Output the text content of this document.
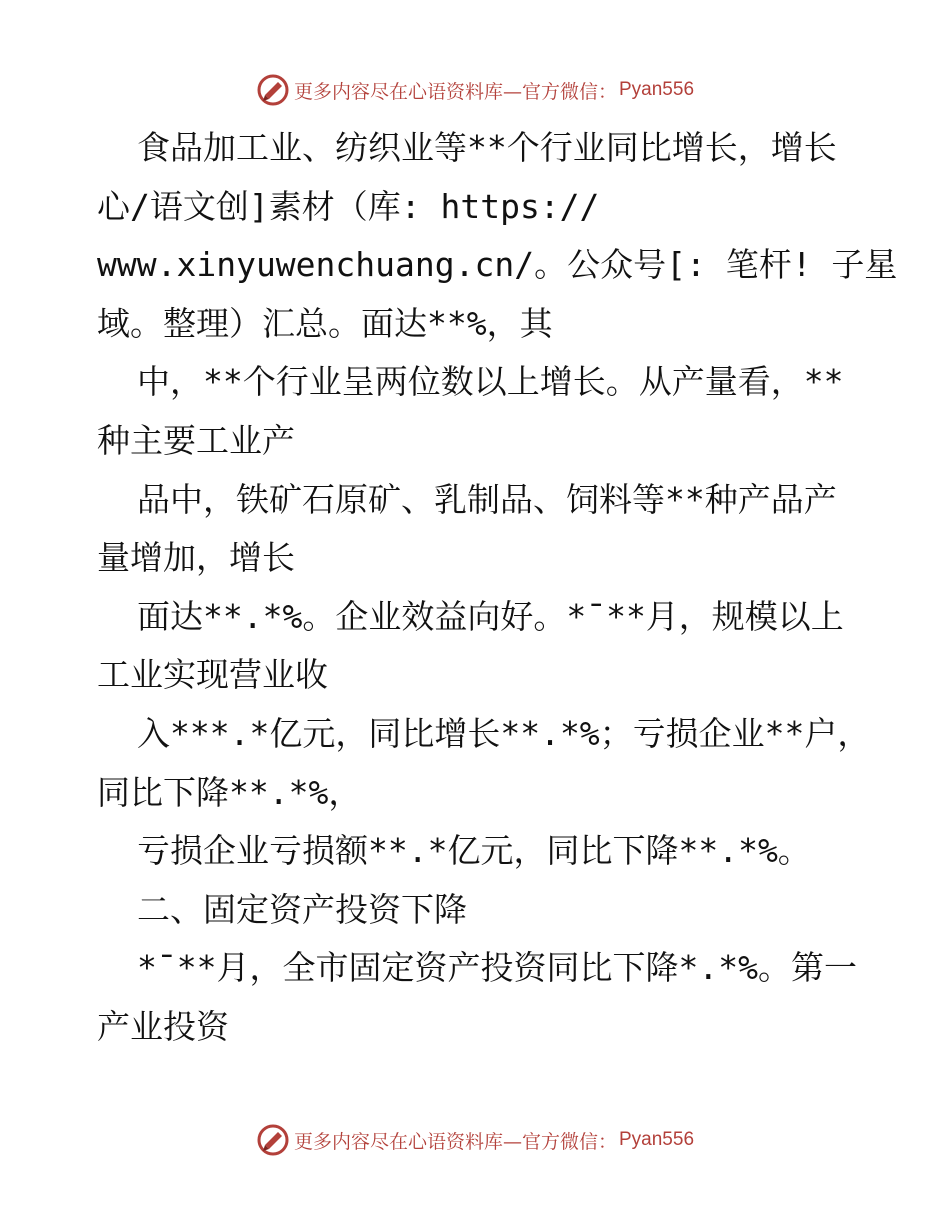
更多内容尽在心语资料库—官方微信： Pyan556
食品加工业、纺织业等**个行业同比增长，增长
心/语文创]素材（库: https://
www.xinyuwenchuang.cn/。公众号[: 笔杆! 子星
域。整理）汇总。面达**%，其
中，**个行业呈两位数以上增长。从产量看，**
种主要工业产
品中，铁矿石原矿、乳制品、饲料等**种产品产
量增加，增长
面达**.*%。企业效益向好。*¯**月，规模以上
工业实现营业收
入***.*亿元，同比增长**.*%；亏损企业**户，
同比下降**.*%，
亏损企业亏损额**.*亿元，同比下降**.*%。
二、固定资产投资下降
*¯**月，全市固定资产投资同比下降*.*%。第一
产业投资
更多内容尽在心语资料库—官方微信： Pyan556
